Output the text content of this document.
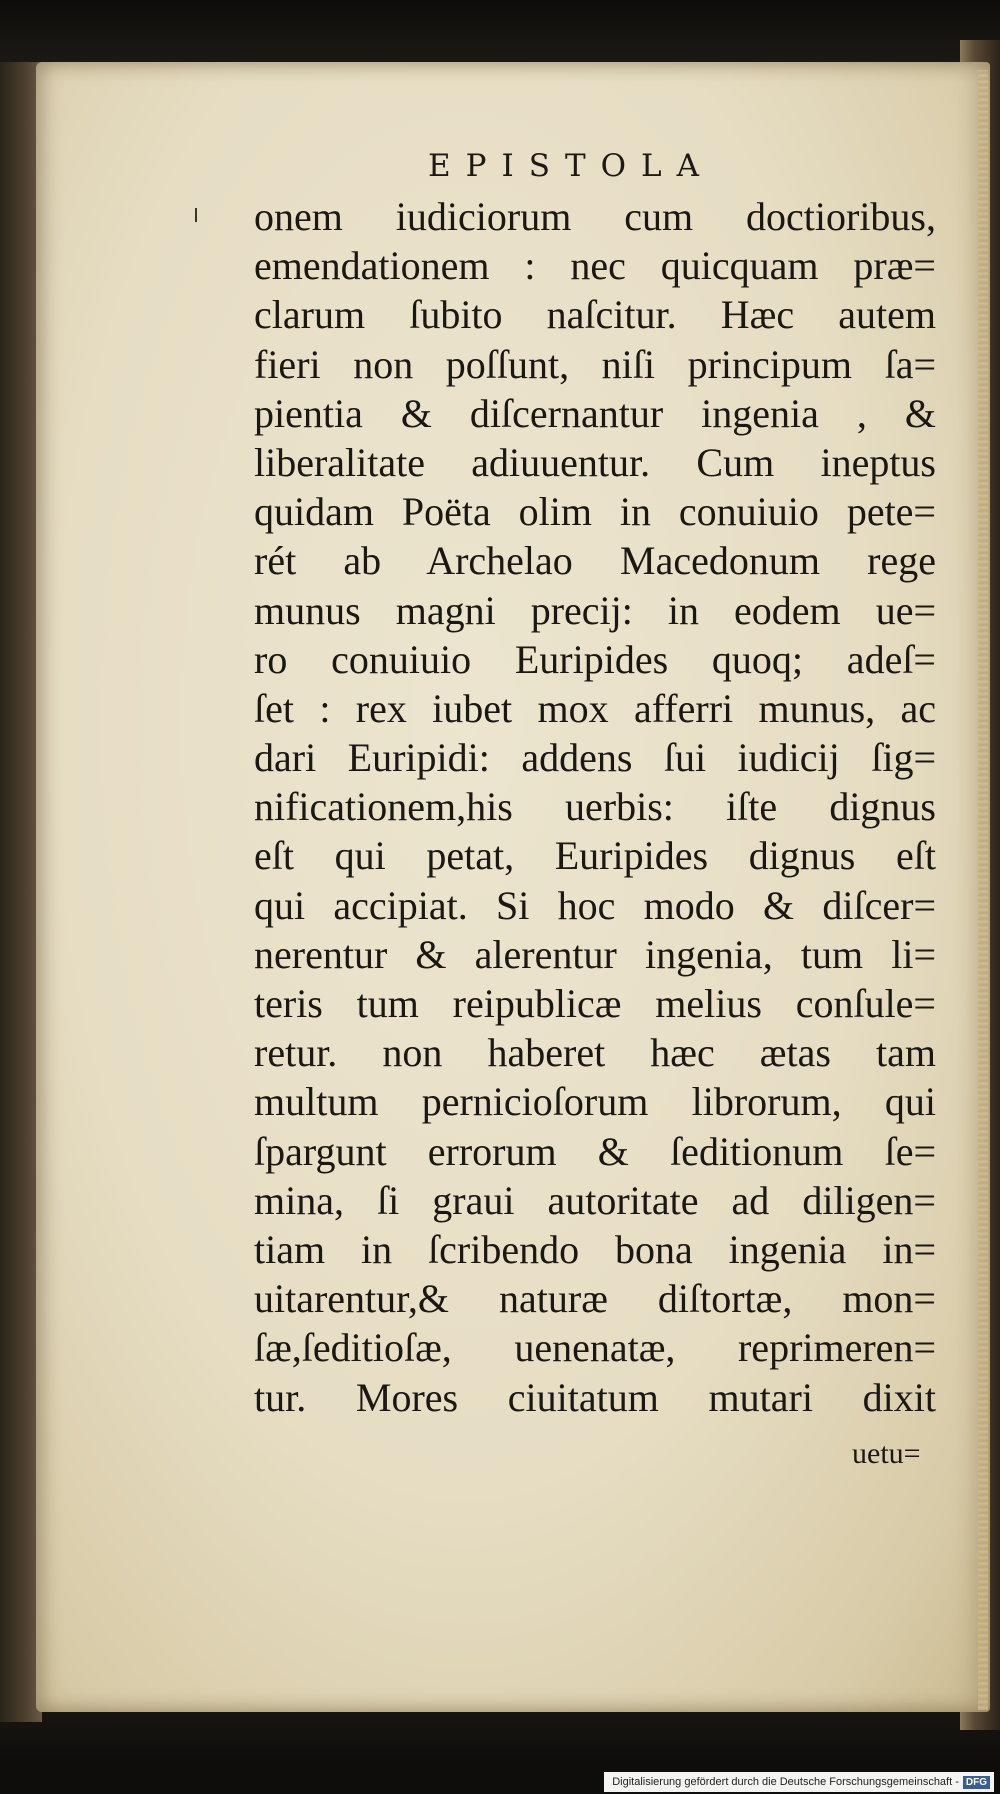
EPISTOLA
onem iudiciorum cum doctioribus,
emendationem : nec quicquam præ=
clarum ſubito naſcitur. Hæc autem
fieri non poſſunt, niſi principum ſa=
pientia & diſcernantur ingenia , &
liberalitate adiuuentur. Cum ineptus
quidam Poëta olim in conuiuio pete=
rét ab Archelao Macedonum rege
munus magni precij: in eodem ue=
ro conuiuio Euripides quoq; adeſ=
ſet : rex iubet mox afferri munus, ac
dari Euripidi: addens ſui iudicij ſig=
nificationem,his uerbis: iſte dignus
eſt qui petat, Euripides dignus eſt
qui accipiat. Si hoc modo & diſcer=
nerentur & alerentur ingenia, tum li=
teris tum reipublicæ melius conſule=
retur. non haberet hæc ætas tam
multum pernicioſorum librorum, qui
ſpargunt errorum & ſeditionum ſe=
mina, ſi graui autoritate ad diligen=
tiam in ſcribendo bona ingenia in=
uitarentur,& naturæ diſtortæ, mon=
ſæ,ſeditioſæ, uenenatæ, reprimeren=
tur. Mores ciuitatum mutari dixit
uetu=
Digitalisierung gefördert durch die Deutsche Forschungsgemeinschaft - DFG
